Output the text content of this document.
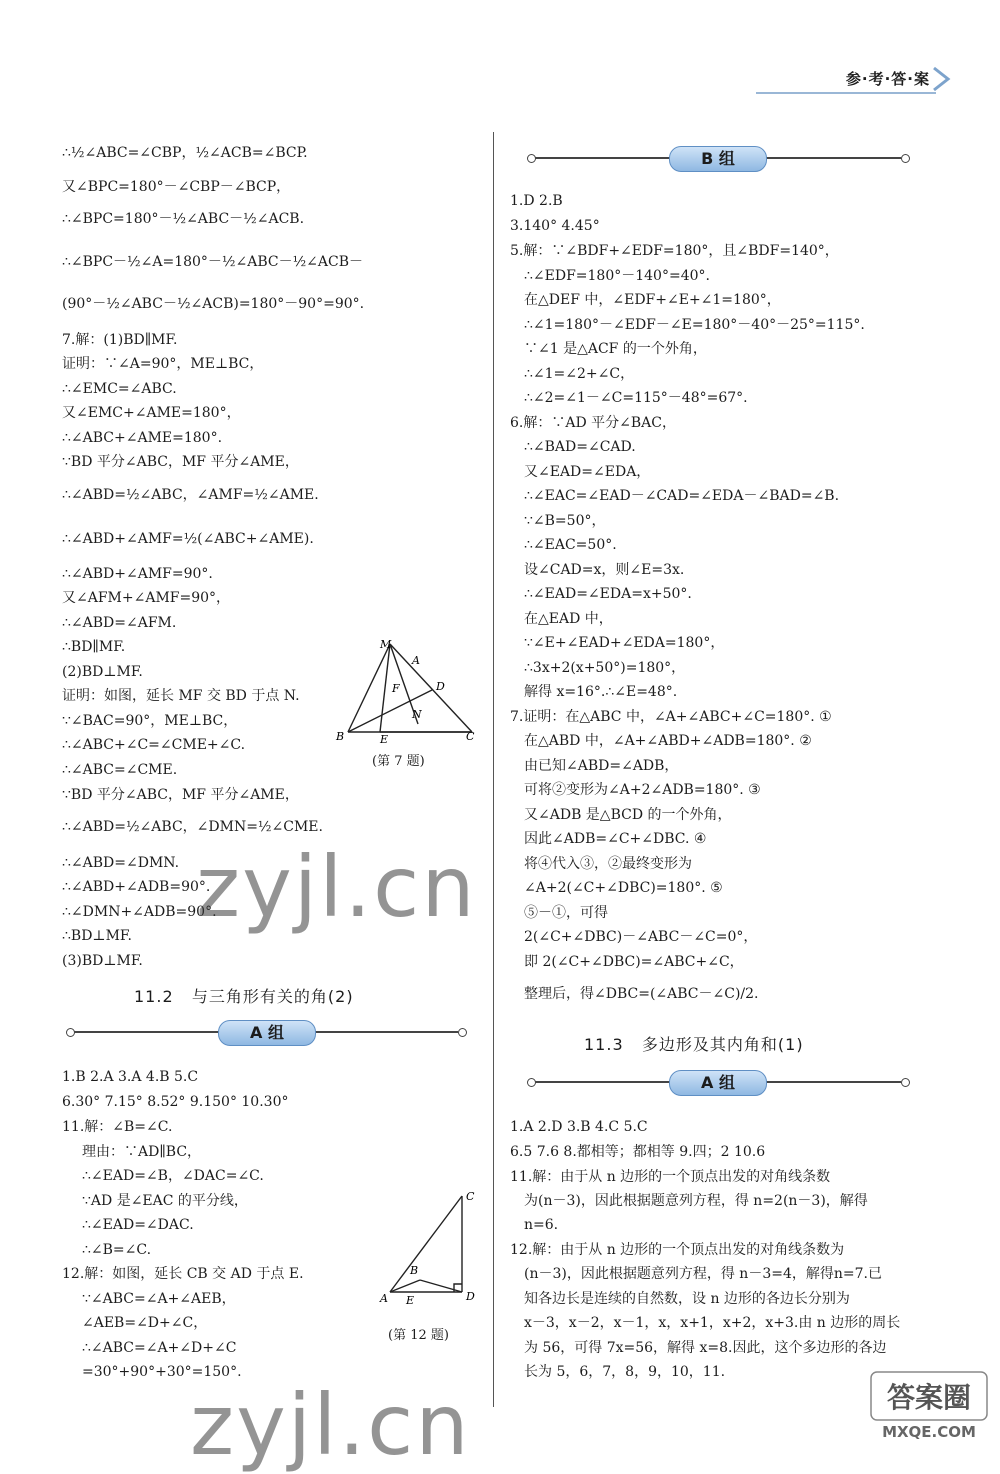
参·考·答·案
∴½∠ABC=∠CBP，½∠ACB=∠BCP.
又∠BPC=180°－∠CBP－∠BCP，
∴∠BPC=180°－½∠ABC－½∠ACB.
∴∠BPC－½∠A=180°－½∠ABC－½∠ACB－
(90°－½∠ABC－½∠ACB)=180°－90°=90°.
7.解：(1)BD∥MF.
证明：∵∠A=90°，ME⊥BC，
∴∠EMC=∠ABC.
又∠EMC+∠AME=180°，
∴∠ABC+∠AME=180°.
∵BD 平分∠ABC，MF 平分∠AME，
∴∠ABD=½∠ABC，∠AMF=½∠AME.
∴∠ABD+∠AMF=½(∠ABC+∠AME).
∴∠ABD+∠AMF=90°.
又∠AFM+∠AMF=90°，
∴∠ABD=∠AFM.
∴BD∥MF.
(2)BD⊥MF.
证明：如图，延长 MF 交 BD 于点 N.
∵∠BAC=90°，ME⊥BC，
∴∠ABC+∠C=∠CME+∠C.
∴∠ABC=∠CME.
∵BD 平分∠ABC，MF 平分∠AME，
∴∠ABD=½∠ABC，∠DMN=½∠CME.
∴∠ABD=∠DMN.
∴∠ABD+∠ADB=90°.
∴∠DMN+∠ADB=90°.
∴BD⊥MF.
(3)BD⊥MF.
M
A
F	D
N
B	E	C
(第 7 题)
11.2 与三角形有关的角(2)
A 组
1.B 2.A 3.A 4.B 5.C
6.30° 7.15° 8.52° 9.150° 10.30°
11.解：∠B=∠C.
理由：∵AD∥BC，
∴∠EAD=∠B，∠DAC=∠C.
∵AD 是∠EAC 的平分线，
∴∠EAD=∠DAC.
∴∠B=∠C.
12.解：如图，延长 CB 交 AD 于点 E.
∵∠ABC=∠A+∠AEB，
∠AEB=∠D+∠C，
∴∠ABC=∠A+∠D+∠C
=30°+90°+30°=150°.
C
B
A E	D
(第 12 题)
B 组
1.D 2.B
3.140° 4.45°
5.解：∵∠BDF+∠EDF=180°，且∠BDF=140°，
∴∠EDF=180°－140°=40°.
在△DEF 中，∠EDF+∠E+∠1=180°，
∴∠1=180°－∠EDF－∠E=180°－40°－25°=115°.
∵∠1 是△ACF 的一个外角，
∴∠1=∠2+∠C，
∴∠2=∠1－∠C=115°－48°=67°.
6.解：∵AD 平分∠BAC，
∴∠BAD=∠CAD.
又∠EAD=∠EDA，
∴∠EAC=∠EAD－∠CAD=∠EDA－∠BAD=∠B.
∵∠B=50°，
∴∠EAC=50°.
设∠CAD=x，则∠E=3x.
∴∠EAD=∠EDA=x+50°.
在△EAD 中，
∵∠E+∠EAD+∠EDA=180°，
∴3x+2(x+50°)=180°，
解得 x=16°.∴∠E=48°.
7.证明：在△ABC 中，∠A+∠ABC+∠C=180°. ①
在△ABD 中，∠A+∠ABD+∠ADB=180°. ②
由已知∠ABD=∠ADB，
可将②变形为∠A+2∠ADB=180°. ③
又∠ADB 是△BCD 的一个外角，
因此∠ADB=∠C+∠DBC. ④
将④代入③，②最终变形为
∠A+2(∠C+∠DBC)=180°. ⑤
⑤－①，可得
2(∠C+∠DBC)－∠ABC－∠C=0°，
即 2(∠C+∠DBC)=∠ABC+∠C，
整理后，得∠DBC=(∠ABC－∠C)/2.
11.3 多边形及其内角和(1)
A 组
1.A 2.D 3.B 4.C 5.C
6.5 7.6 8.都相等；都相等 9.四；2 10.6
11.解：由于从 n 边形的一个顶点出发的对角线条数
为(n－3)，因此根据题意列方程，得 n=2(n－3)，解得
n=6.
12.解：由于从 n 边形的一个顶点出发的对角线条数为
(n－3)，因此根据题意列方程，得 n－3=4，解得n=7.已
知各边长是连续的自然数，设 n 边形的各边长分别为
x－3，x－2，x－1，x，x+1，x+2，x+3.由 n 边形的周长
为 56，可得 7x=56，解得 x=8.因此，这个多边形的各边
长为 5，6，7，8，9，10，11.
zyjl.cn
zyjl.cn	答案圈
MXQE.COM
